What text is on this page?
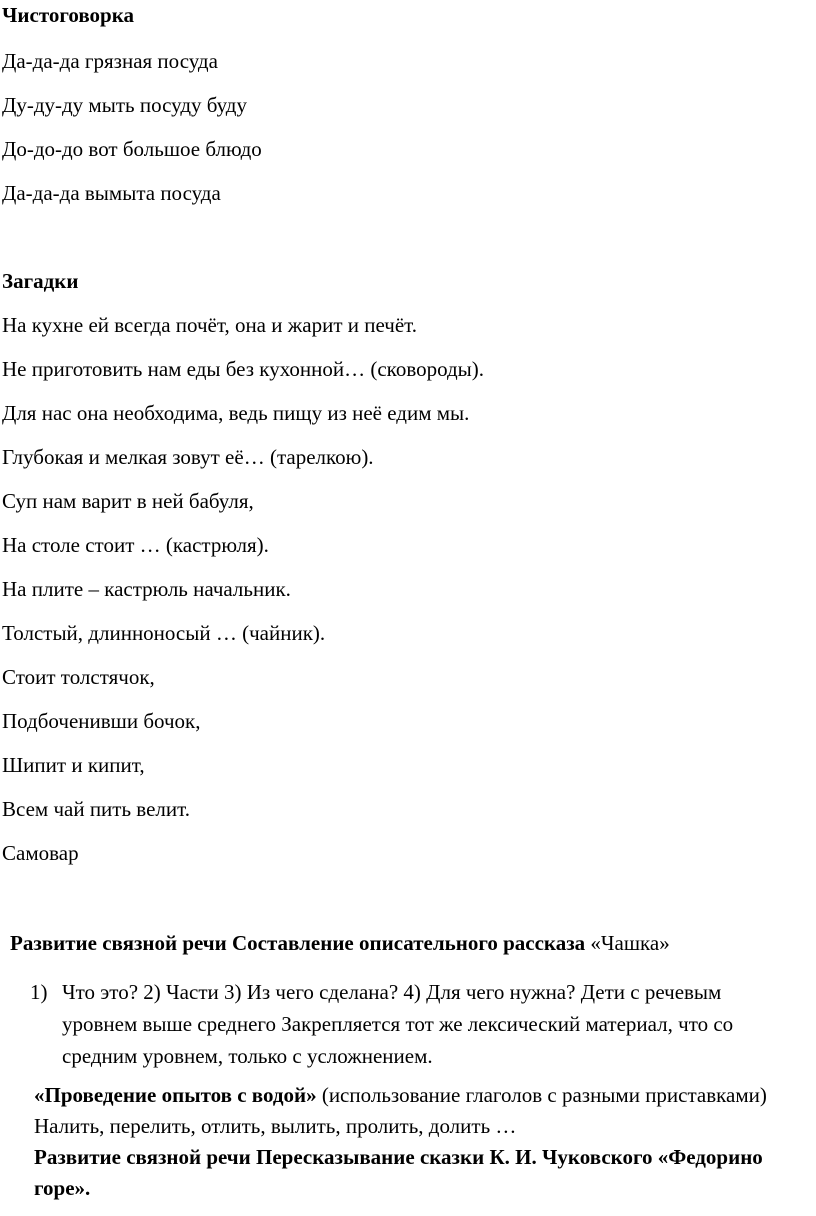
Чистоговорка
Да-да-да грязная посуда
Ду-ду-ду мыть посуду буду
До-до-до вот большое блюдо
Да-да-да вымыта посуда
Загадки
На кухне ей всегда почёт, она и жарит и печёт.
Не приготовить нам еды без кухонной… (сковороды).
Для нас она необходима, ведь пищу из неё едим мы.
Глубокая и мелкая зовут её… (тарелкою).
Суп нам варит в ней бабуля,
На столе стоит … (кастрюля).
На плите – кастрюль начальник.
Толстый, длинноносый … (чайник).
Стоит толстячок,
Подбоченивши бочок,
Шипит и кипит,
Всем чай пить велит.
Самовар
Развитие связной речи Составление описательного рассказа «Чашка»
1) Что это? 2) Части 3) Из чего сделана? 4) Для чего нужна? Дети с речевым уровнем выше среднего Закрепляется тот же лексический материал, что со средним уровнем, только с усложнением.
«Проведение опытов с водой» (использование глаголов с разными приставками) Налить, перелить, отлить, вылить, пролить, долить …
Развитие связной речи Пересказывание сказки К. И. Чуковского «Федорино горе».
